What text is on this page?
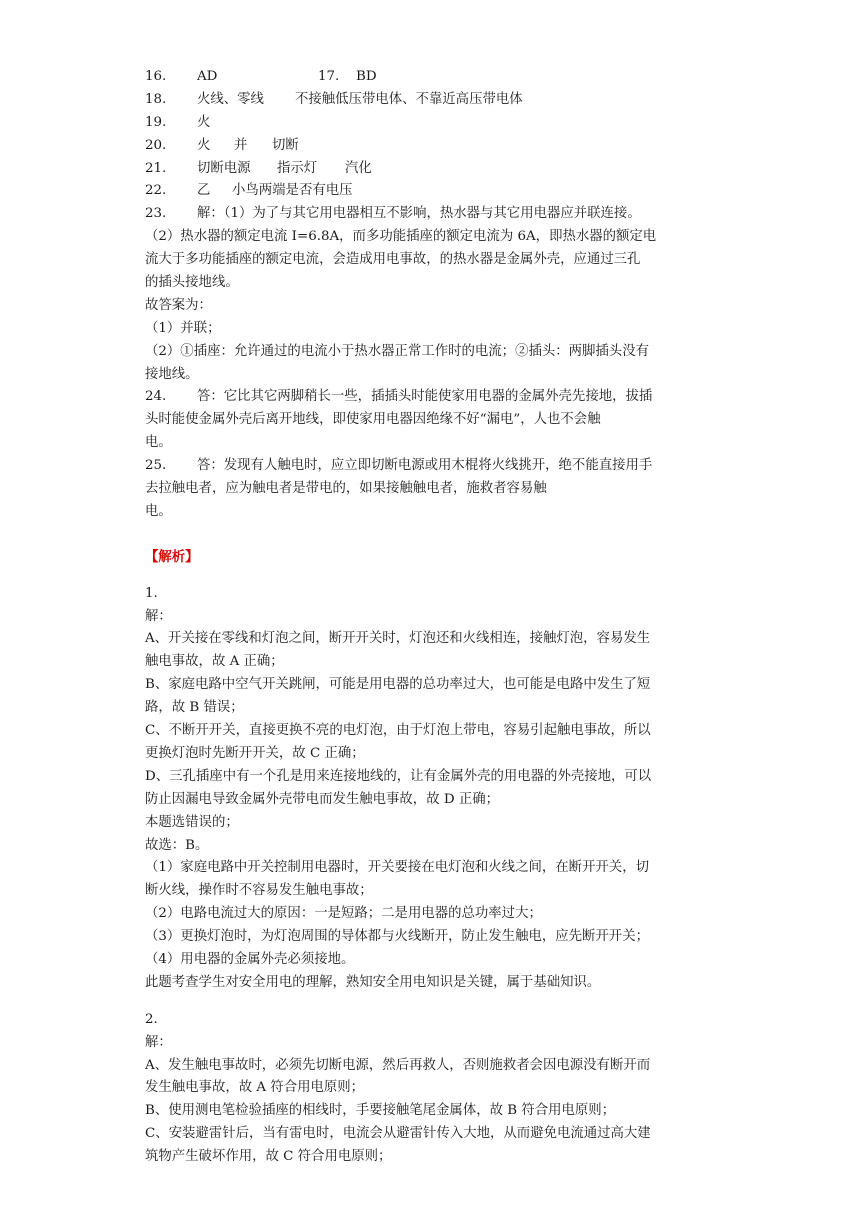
16. AD	17. BD
18. 火线、零线 不接触低压带电体、不靠近高压带电体
19. 火
20. 火 并 切断
21. 切断电源 指示灯 汽化
22. 乙 小鸟两端是否有电压
23. 解：（1）为了与其它用电器相互不影响，热水器与其它用电器应并联连接。
（2）热水器的额定电流 I=6.8A，而多功能插座的额定电流为 6A，即热水器的额定电
流大于多功能插座的额定电流，会造成用电事故，的热水器是金属外壳，应通过三孔
的插头接地线。
故答案为：
（1）并联；
（2）①插座：允许通过的电流小于热水器正常工作时的电流；②插头：两脚插头没有
接地线。
24. 答：它比其它两脚稍长一些，插插头时能使家用电器的金属外壳先接地，拔插
头时能使金属外壳后离开地线，即使家用电器因绝缘不好“漏电”，人也不会触
电。
25. 答：发现有人触电时，应立即切断电源或用木棍将火线挑开，绝不能直接用手
去拉触电者，应为触电者是带电的，如果接触触电者，施救者容易触
电。
【解析】
1.
解：
A、开关接在零线和灯泡之间，断开开关时，灯泡还和火线相连，接触灯泡，容易发生
触电事故，故 A 正确；
B、家庭电路中空气开关跳闸，可能是用电器的总功率过大，也可能是电路中发生了短
路，故 B 错误；
C、不断开开关，直接更换不亮的电灯泡，由于灯泡上带电，容易引起触电事故，所以
更换灯泡时先断开开关，故 C 正确；
D、三孔插座中有一个孔是用来连接地线的，让有金属外壳的用电器的外壳接地，可以
防止因漏电导致金属外壳带电而发生触电事故，故 D 正确；
本题选错误的；
故选：B。
（1）家庭电路中开关控制用电器时，开关要接在电灯泡和火线之间，在断开开关，切
断火线，操作时不容易发生触电事故；
（2）电路电流过大的原因：一是短路；二是用电器的总功率过大；
（3）更换灯泡时，为灯泡周围的导体都与火线断开，防止发生触电，应先断开开关；
（4）用电器的金属外壳必须接地。
此题考查学生对安全用电的理解，熟知安全用电知识是关键，属于基础知识。
2.
解：
A、发生触电事故时，必须先切断电源，然后再救人，否则施救者会因电源没有断开而
发生触电事故，故 A 符合用电原则；
B、使用测电笔检验插座的相线时，手要接触笔尾金属体，故 B 符合用电原则；
C、安装避雷针后，当有雷电时，电流会从避雷针传入大地，从而避免电流通过高大建
筑物产生破坏作用，故 C 符合用电原则；
